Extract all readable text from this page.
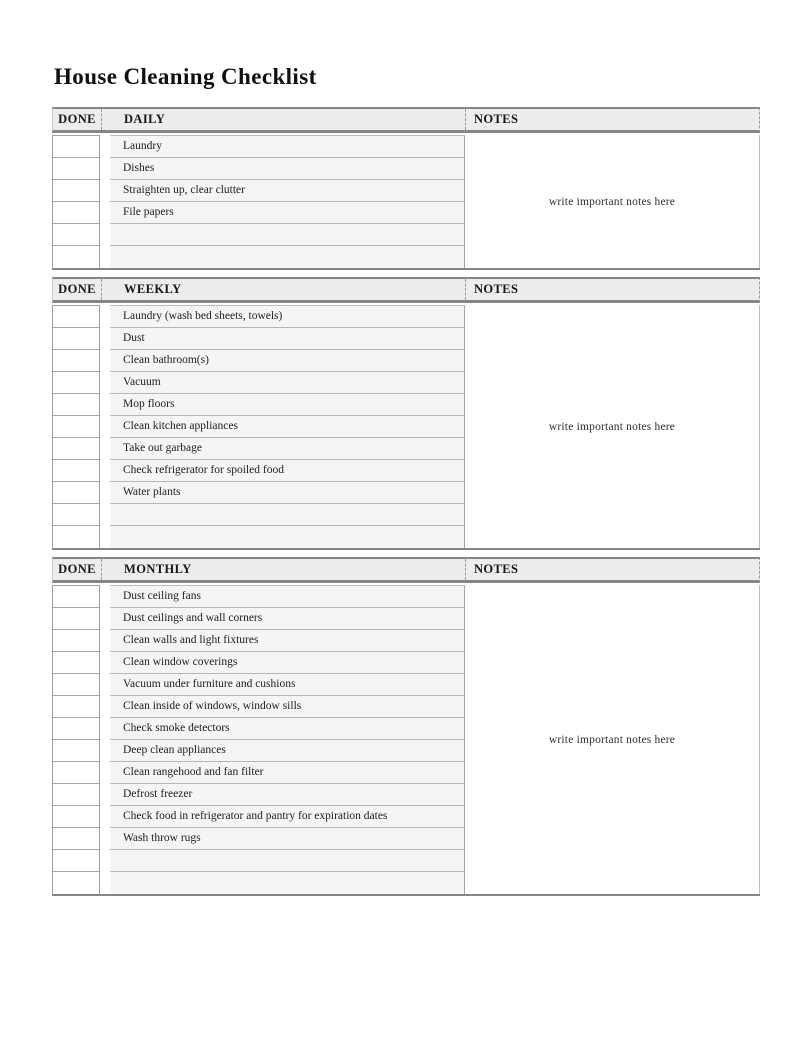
House Cleaning Checklist
DONE	DAILY	NOTES
Laundry
Dishes
Straighten up, clear clutter
File papers
write important notes here
DONE	WEEKLY	NOTES
Laundry (wash bed sheets, towels)
Dust
Clean bathroom(s)
Vacuum
Mop floors
Clean kitchen appliances
Take out garbage
Check refrigerator for spoiled food
Water plants
write important notes here
DONE	MONTHLY	NOTES
Dust ceiling fans
Dust ceilings and wall corners
Clean walls and light fixtures
Clean window coverings
Vacuum under furniture and cushions
Clean inside of windows, window sills
Check smoke detectors
Deep clean appliances
Clean rangehood and fan filter
Defrost freezer
Check food in refrigerator and pantry for expiration dates
Wash throw rugs
write important notes here
